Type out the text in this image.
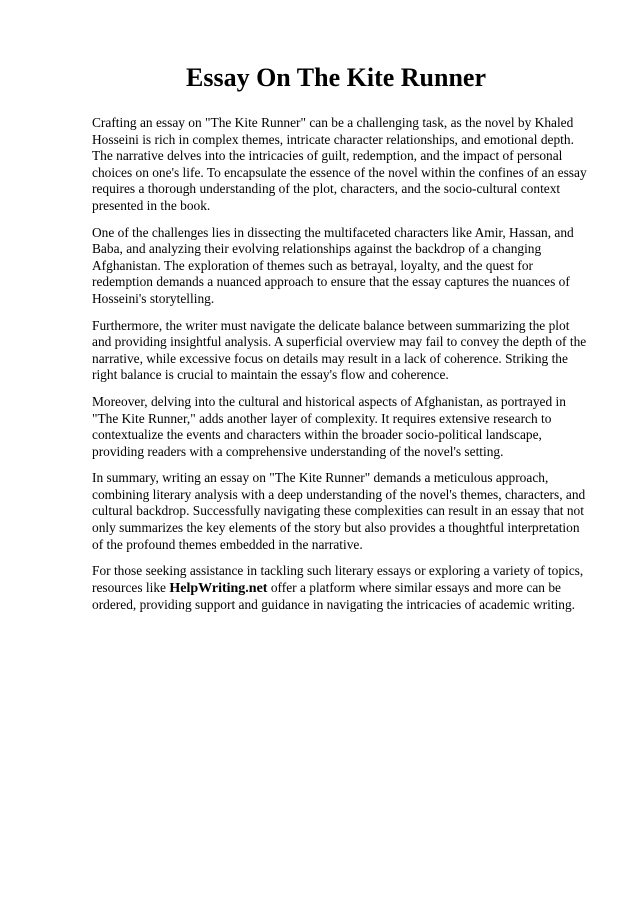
Essay On The Kite Runner

Crafting an essay on "The Kite Runner" can be a challenging task, as the novel by Khaled Hosseini is rich in complex themes, intricate character relationships, and emotional depth. The narrative delves into the intricacies of guilt, redemption, and the impact of personal choices on one's life. To encapsulate the essence of the novel within the confines of an essay requires a thorough understanding of the plot, characters, and the socio-cultural context presented in the book.

One of the challenges lies in dissecting the multifaceted characters like Amir, Hassan, and Baba, and analyzing their evolving relationships against the backdrop of a changing Afghanistan. The exploration of themes such as betrayal, loyalty, and the quest for redemption demands a nuanced approach to ensure that the essay captures the nuances of Hosseini's storytelling.

Furthermore, the writer must navigate the delicate balance between summarizing the plot and providing insightful analysis. A superficial overview may fail to convey the depth of the narrative, while excessive focus on details may result in a lack of coherence. Striking the right balance is crucial to maintain the essay's flow and coherence.

Moreover, delving into the cultural and historical aspects of Afghanistan, as portrayed in "The Kite Runner," adds another layer of complexity. It requires extensive research to contextualize the events and characters within the broader socio-political landscape, providing readers with a comprehensive understanding of the novel's setting.

In summary, writing an essay on "The Kite Runner" demands a meticulous approach, combining literary analysis with a deep understanding of the novel's themes, characters, and cultural backdrop. Successfully navigating these complexities can result in an essay that not only summarizes the key elements of the story but also provides a thoughtful interpretation of the profound themes embedded in the narrative.

For those seeking assistance in tackling such literary essays or exploring a variety of topics, resources like HelpWriting.net offer a platform where similar essays and more can be ordered, providing support and guidance in navigating the intricacies of academic writing.
